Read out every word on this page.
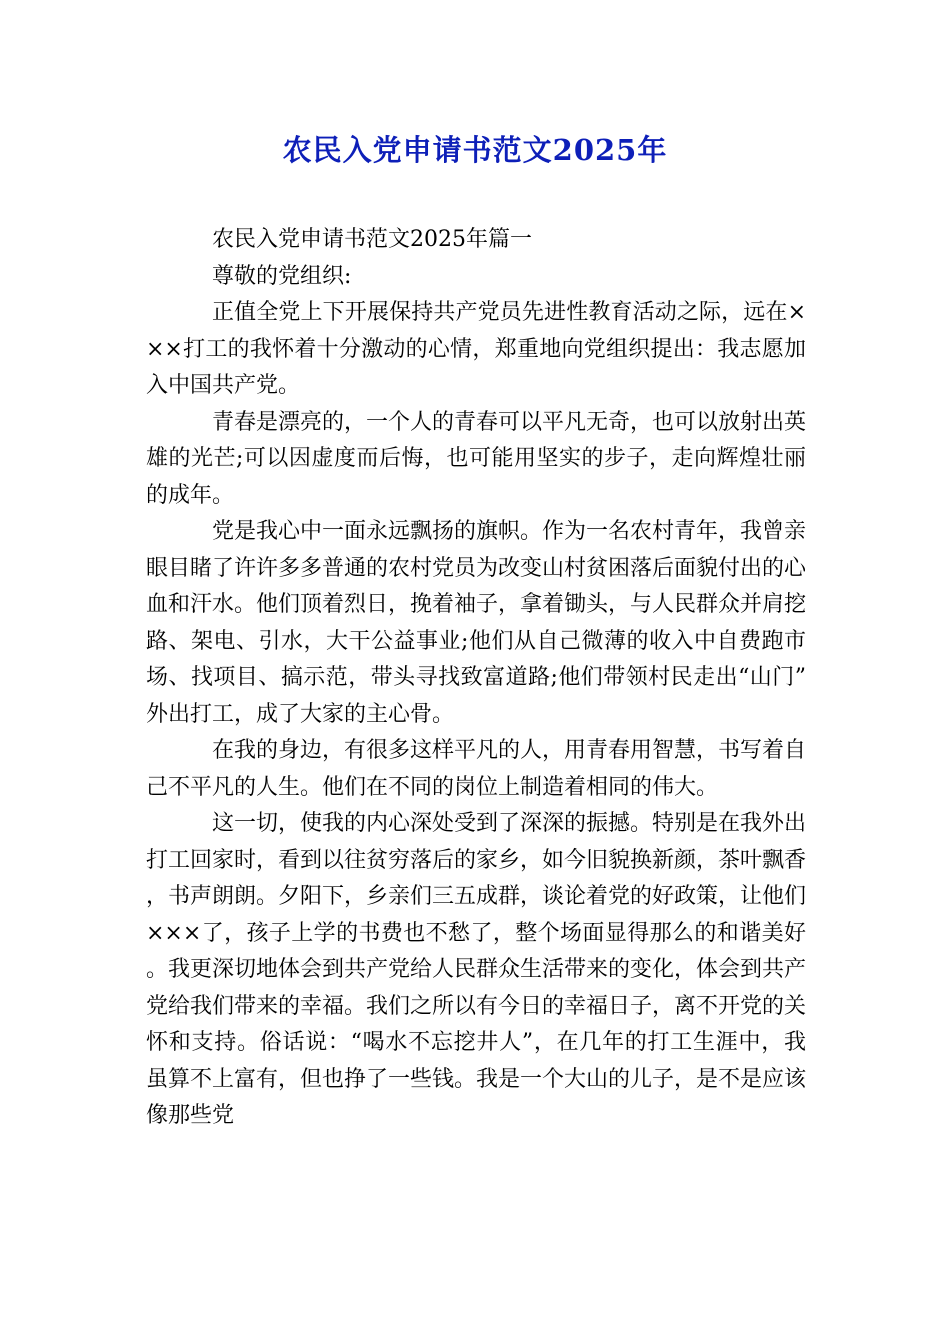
农民入党申请书范文2025年

农民入党申请书范文2025年篇一

尊敬的党组织:

正值全党上下开展保持共产党员先进性教育活动之际，远在×××打工的我怀着十分激动的心情，郑重地向党组织提出：我志愿加入中国共产党。

青春是漂亮的，一个人的青春可以平凡无奇，也可以放射出英雄的光芒;可以因虚度而后悔，也可能用坚实的步子，走向辉煌壮丽的成年。

党是我心中一面永远飘扬的旗帜。作为一名农村青年，我曾亲眼目睹了许许多多普通的农村党员为改变山村贫困落后面貌付出的心血和汗水。他们顶着烈日，挽着袖子，拿着锄头，与人民群众并肩挖路、架电、引水，大干公益事业;他们从自己微薄的收入中自费跑市场、找项目、搞示范，带头寻找致富道路;他们带领村民走出“山门”外出打工，成了大家的主心骨。

在我的身边，有很多这样平凡的人，用青春用智慧，书写着自己不平凡的人生。他们在不同的岗位上制造着相同的伟大。

这一切，使我的内心深处受到了深深的振撼。特别是在我外出打工回家时，看到以往贫穷落后的家乡，如今旧貌换新颜，茶叶飘香，书声朗朗。夕阳下，乡亲们三五成群，谈论着党的好政策，让他们×××了，孩子上学的书费也不愁了，整个场面显得那么的和谐美好。我更深切地体会到共产党给人民群众生活带来的变化，体会到共产党给我们带来的幸福。我们之所以有今日的幸福日子，离不开党的关怀和支持。俗话说：“喝水不忘挖井人”，在几年的打工生涯中，我虽算不上富有，但也挣了一些钱。我是一个大山的儿子，是不是应该像那些党
